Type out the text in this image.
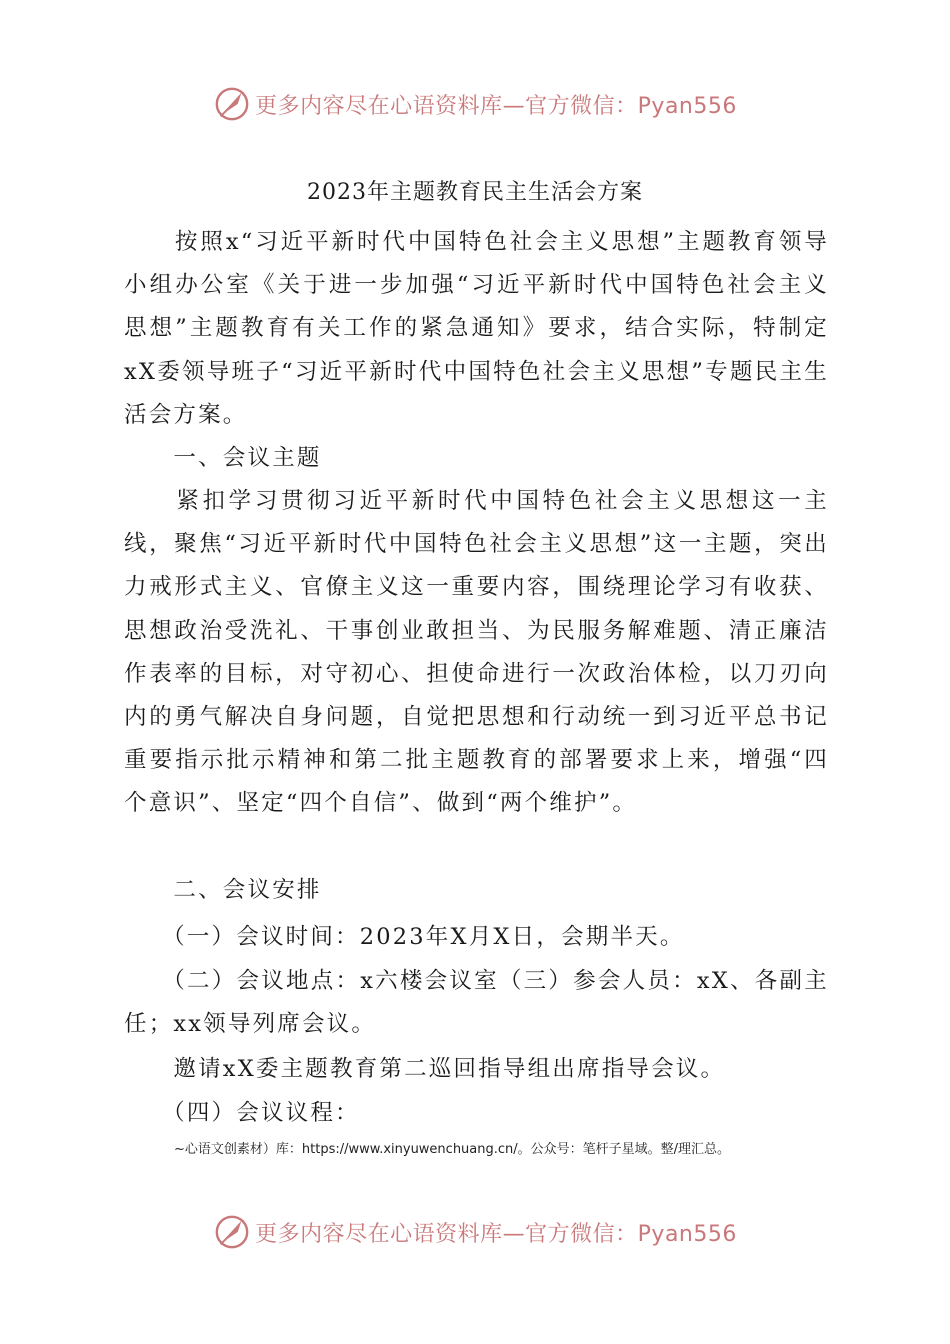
更多内容尽在心语资料库—官方微信：Pyan556
2023年主题教育民主生活会方案
　　按照x“习近平新时代中国特色社会主义思想”主题教育领导小组办公室《关于进一步加强“习近平新时代中国特色社会主义思想”主题教育有关工作的紧急通知》要求，结合实际，特制定xX委领导班子“习近平新时代中国特色社会主义思想”专题民主生活会方案。
　　一、会议主题
　　紧扣学习贯彻习近平新时代中国特色社会主义思想这一主线，聚焦“习近平新时代中国特色社会主义思想”这一主题，突出力戒形式主义、官僚主义这一重要内容，围绕理论学习有收获、思想政治受洗礼、干事创业敢担当、为民服务解难题、清正廉洁作表率的目标，对守初心、担使命进行一次政治体检，以刀刃向内的勇气解决自身问题，自觉把思想和行动统一到习近平总书记重要指示批示精神和第二批主题教育的部署要求上来，增强“四个意识”、坚定“四个自信”、做到“两个维护”。
　　二、会议安排
　　（一）会议时间：2023年X月X日，会期半天。
　　（二）会议地点：x六楼会议室（三）参会人员：xX、各副主任；xx领导列席会议。
　　邀请xX委主题教育第二巡回指导组出席指导会议。
　　（四）会议议程：
~心语文创素材）库：https://www.xinyuwenchuang.cn/。公众号：笔杆子星域。整/理汇总。
更多内容尽在心语资料库—官方微信：Pyan556
